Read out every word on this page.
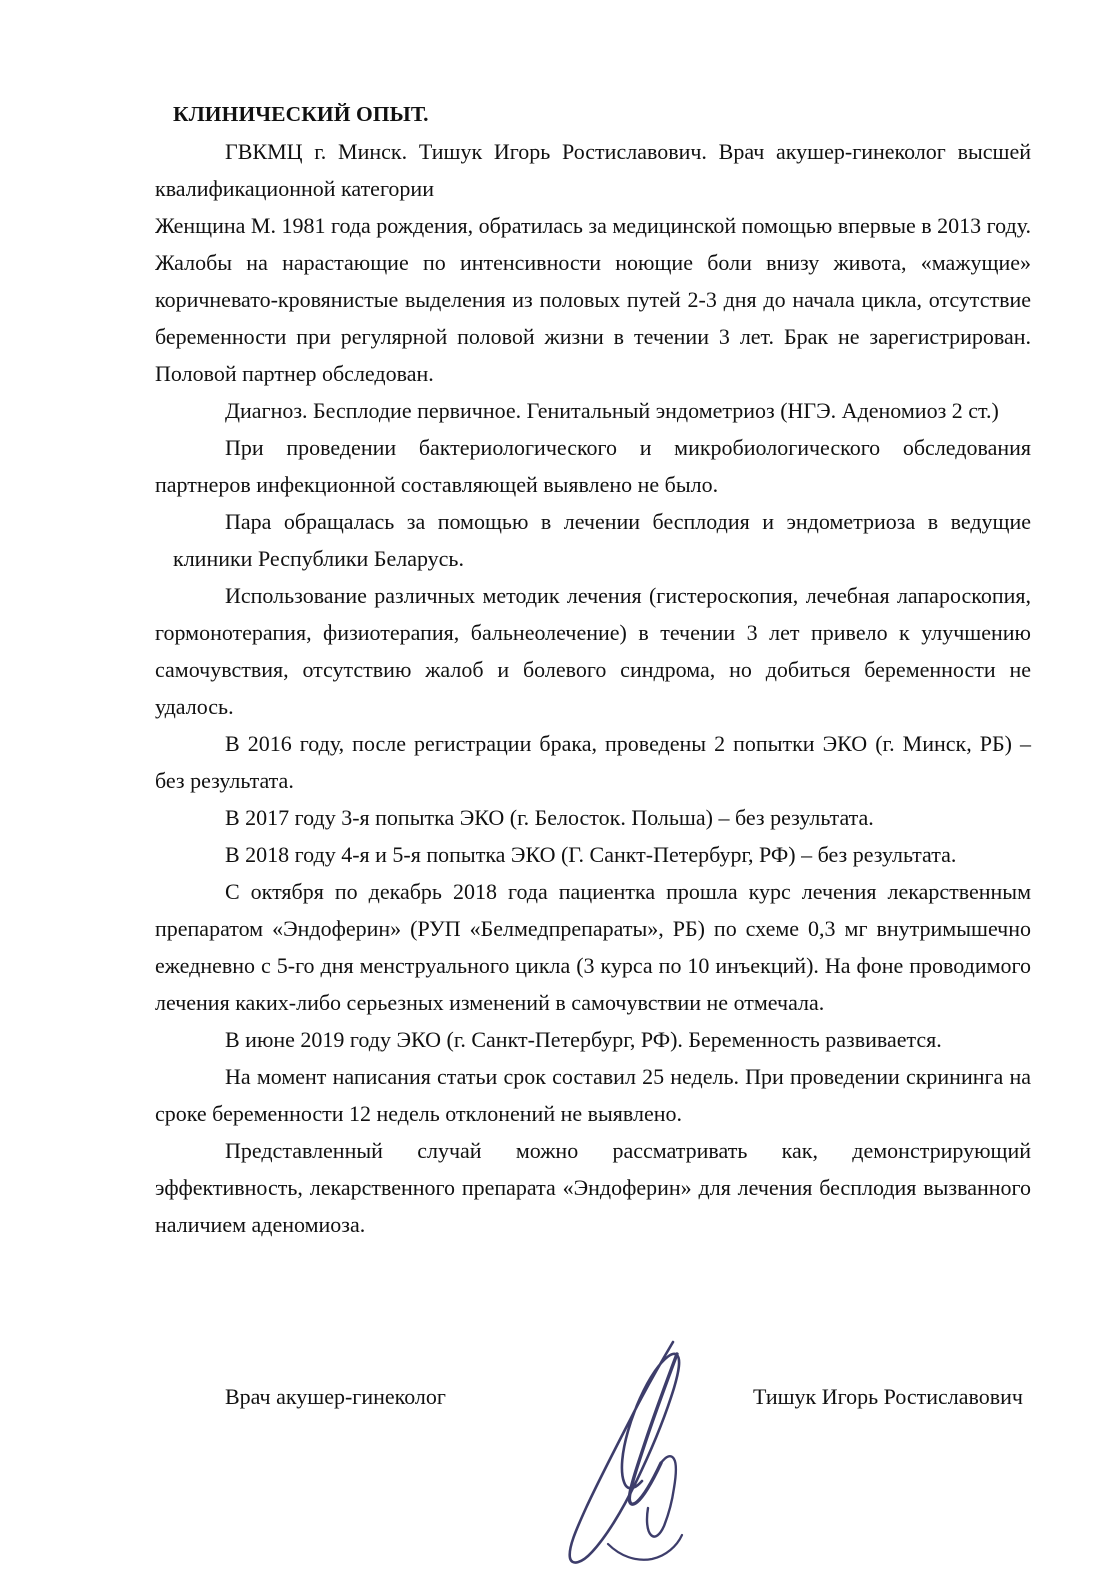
КЛИНИЧЕСКИЙ ОПЫТ.

ГВКМЦ г. Минск. Тишук Игорь Ростиславович. Врач акушер-гинеколог высшей квалификационной категории

Женщина М. 1981 года рождения, обратилась за медицинской помощью впервые в 2013 году. Жалобы на нарастающие по интенсивности ноющие боли внизу живота, «мажущие» коричневато-кровянистые выделения из половых путей 2-3 дня до начала цикла, отсутствие беременности при регулярной половой жизни в течении 3 лет. Брак не зарегистрирован. Половой партнер обследован.

Диагноз. Бесплодие первичное. Генитальный эндометриоз (НГЭ. Аденомиоз 2 ст.)

При проведении бактериологического и микробиологического обследования партнеров инфекционной составляющей выявлено не было.

Пара обращалась за помощью в лечении бесплодия и эндометриоза в ведущие клиники Республики Беларусь.

Использование различных методик лечения (гистероскопия, лечебная лапароскопия, гормонотерапия, физиотерапия, бальнеолечение) в течении 3 лет привело к улучшению самочувствия, отсутствию жалоб и болевого синдрома, но добиться беременности не удалось.

В 2016 году, после регистрации брака, проведены 2 попытки ЭКО (г. Минск, РБ) – без результата.

В 2017 году 3-я попытка ЭКО (г. Белосток. Польша) – без результата.

В 2018 году 4-я и 5-я попытка ЭКО (Г. Санкт-Петербург, РФ) – без результата.

С октября по декабрь 2018 года пациентка прошла курс лечения лекарственным препаратом «Эндоферин» (РУП «Белмедпрепараты», РБ) по схеме 0,3 мг внутримышечно ежедневно с 5-го дня менструального цикла (3 курса по 10 инъекций). На фоне проводимого лечения каких-либо серьезных изменений в самочувствии не отмечала.

В июне 2019 году ЭКО (г. Санкт-Петербург, РФ). Беременность развивается.

На момент написания статьи срок составил 25 недель. При проведении скрининга на сроке беременности 12 недель отклонений не выявлено.

Представленный случай можно рассматривать как, демонстрирующий эффективность, лекарственного препарата «Эндоферин» для лечения бесплодия вызванного наличием аденомиоза.

Врач акушер-гинеколог	Тишук Игорь Ростиславович
